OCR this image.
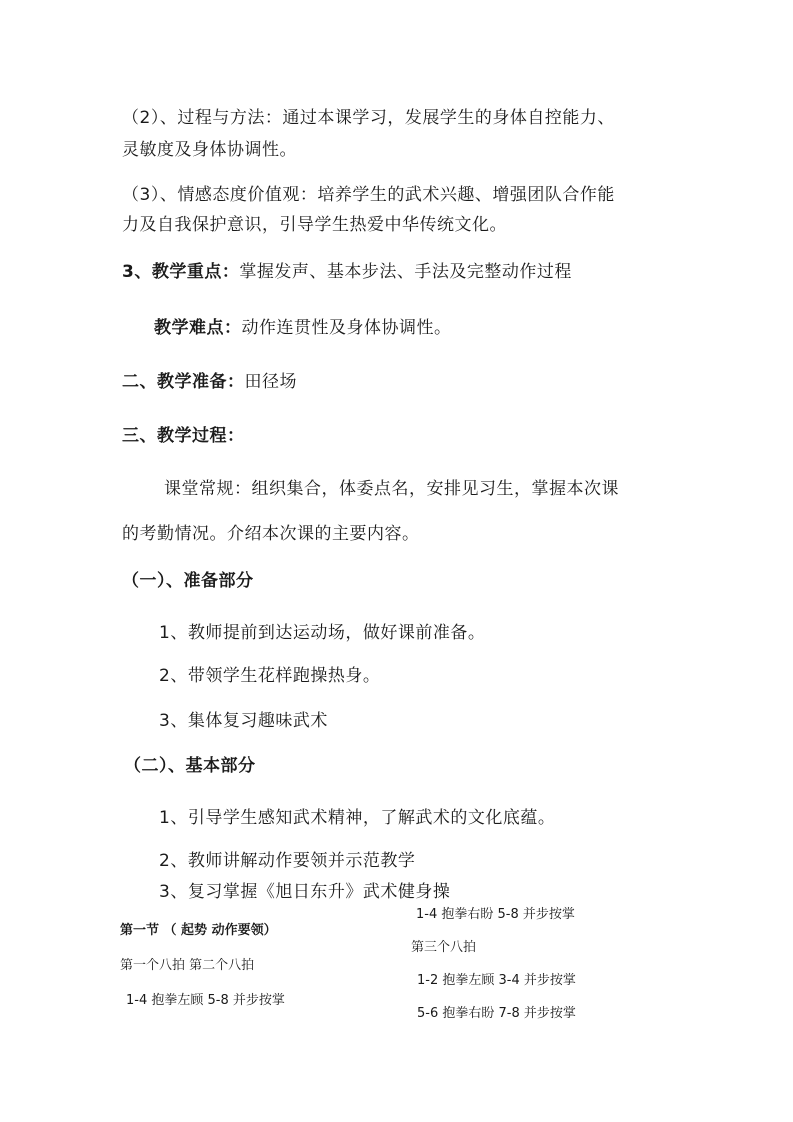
（2）、过程与方法：通过本课学习，发展学生的身体自控能力、

灵敏度及身体协调性。

（3）、情感态度价值观：培养学生的武术兴趣、增强团队合作能

力及自我保护意识，引导学生热爱中华传统文化。

3、教学重点：掌握发声、基本步法、手法及完整动作过程

教学难点：动作连贯性及身体协调性。

二、教学准备：田径场

三、教学过程：

课堂常规：组织集合，体委点名，安排见习生，掌握本次课

的考勤情况。介绍本次课的主要内容。

（一）、准备部分

1、教师提前到达运动场，做好课前准备。

2、带领学生花样跑操热身。

3、集体复习趣味武术

（二）、基本部分

1、引导学生感知武术精神，了解武术的文化底蕴。

2、教师讲解动作要领并示范教学

3、复习掌握《旭日东升》武术健身操

第一节 （ 起势 动作要领）

第一个八拍 第二个八拍

1-4 抱拳左顾 5-8 并步按掌

1-4 抱拳右盼 5-8 并步按掌

第三个八拍

1-2 抱拳左顾 3-4 并步按掌

5-6 抱拳右盼 7-8 并步按掌
